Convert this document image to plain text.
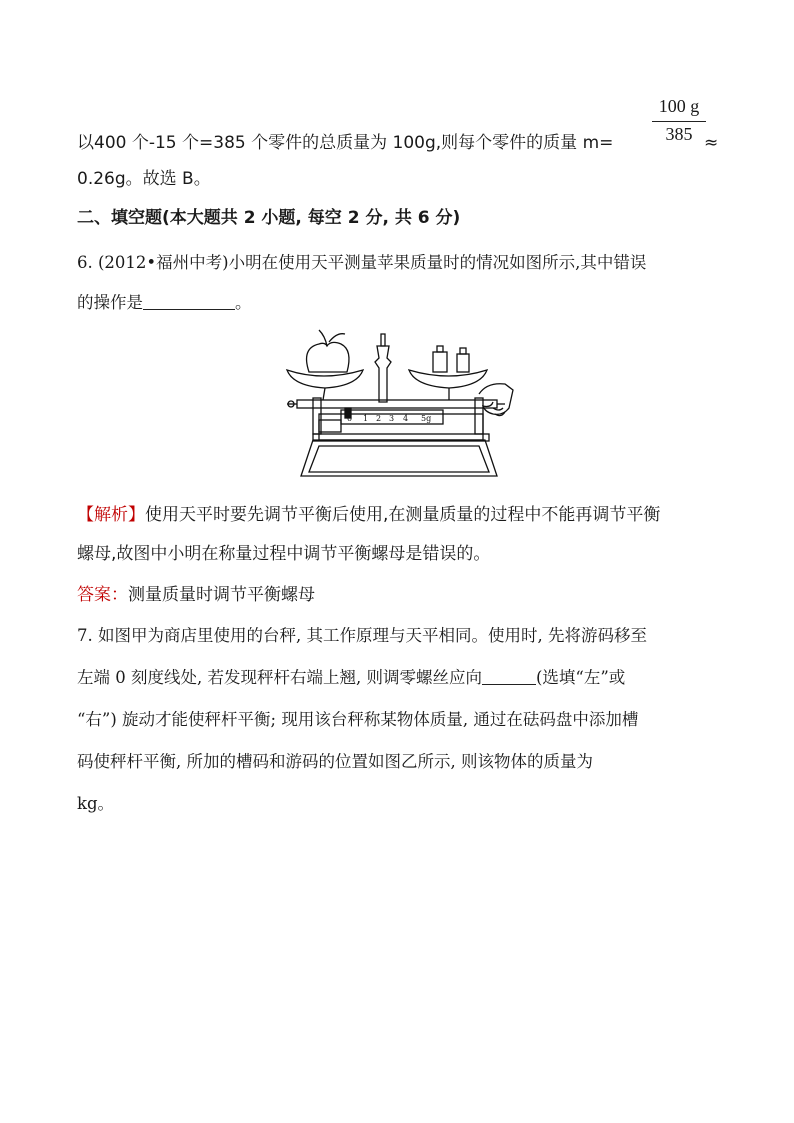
100 g
385
以400 个-15 个=385 个零件的总质量为 100g,则每个零件的质量 m=	≈
0.26g。故选 B。
二、填空题(本大题共 2 小题, 每空 2 分, 共 6 分)
6. (2012•福州中考)小明在使用天平测量苹果质量时的情况如图所示,其中错误
的操作是	。
0 1 2 3 4 5g
【解析】使用天平时要先调节平衡后使用,在测量质量的过程中不能再调节平衡
螺母,故图中小明在称量过程中调节平衡螺母是错误的。
答案：测量质量时调节平衡螺母
7. 如图甲为商店里使用的台秤, 其工作原理与天平相同。使用时, 先将游码移至
左端 0 刻度线处, 若发现秤杆右端上翘, 则调零螺丝应向	(选填“左”或
“右”) 旋动才能使秤杆平衡; 现用该台秤称某物体质量, 通过在砝码盘中添加槽
码使秤杆平衡, 所加的槽码和游码的位置如图乙所示, 则该物体的质量为
kg。
